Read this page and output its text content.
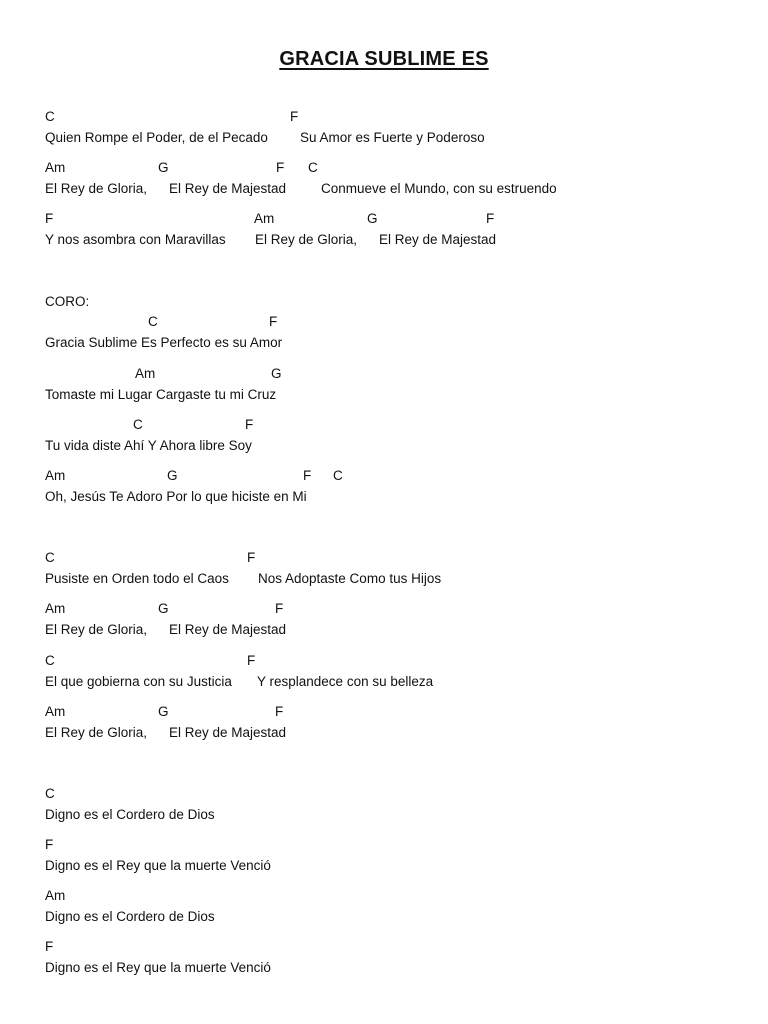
GRACIA SUBLIME ES
C	F
Quien Rompe el Poder, de el Pecado Su Amor es Fuerte y Poderoso
Am	G	F C
El Rey de Gloria, El Rey de Majestad	Conmueve el Mundo, con su estruendo
F	Am	G	F
Y nos asombra con Maravillas El Rey de Gloria, El Rey de Majestad
CORO:
C	F
Gracia Sublime Es Perfecto es su Amor
Am	G
Tomaste mi Lugar Cargaste tu mi Cruz
C	F
Tu vida diste Ahí Y Ahora libre Soy
Am	G	F C
Oh, Jesús Te Adoro Por lo que hiciste en Mi
C	F
Pusiste en Orden todo el Caos Nos Adoptaste Como tus Hijos
Am	G	F
El Rey de Gloria, El Rey de Majestad
C	F
El que gobierna con su Justicia Y resplandece con su belleza
Am	G	F
El Rey de Gloria, El Rey de Majestad
C
Digno es el Cordero de Dios
F
Digno es el Rey que la muerte Venció
Am
Digno es el Cordero de Dios
F
Digno es el Rey que la muerte Venció
